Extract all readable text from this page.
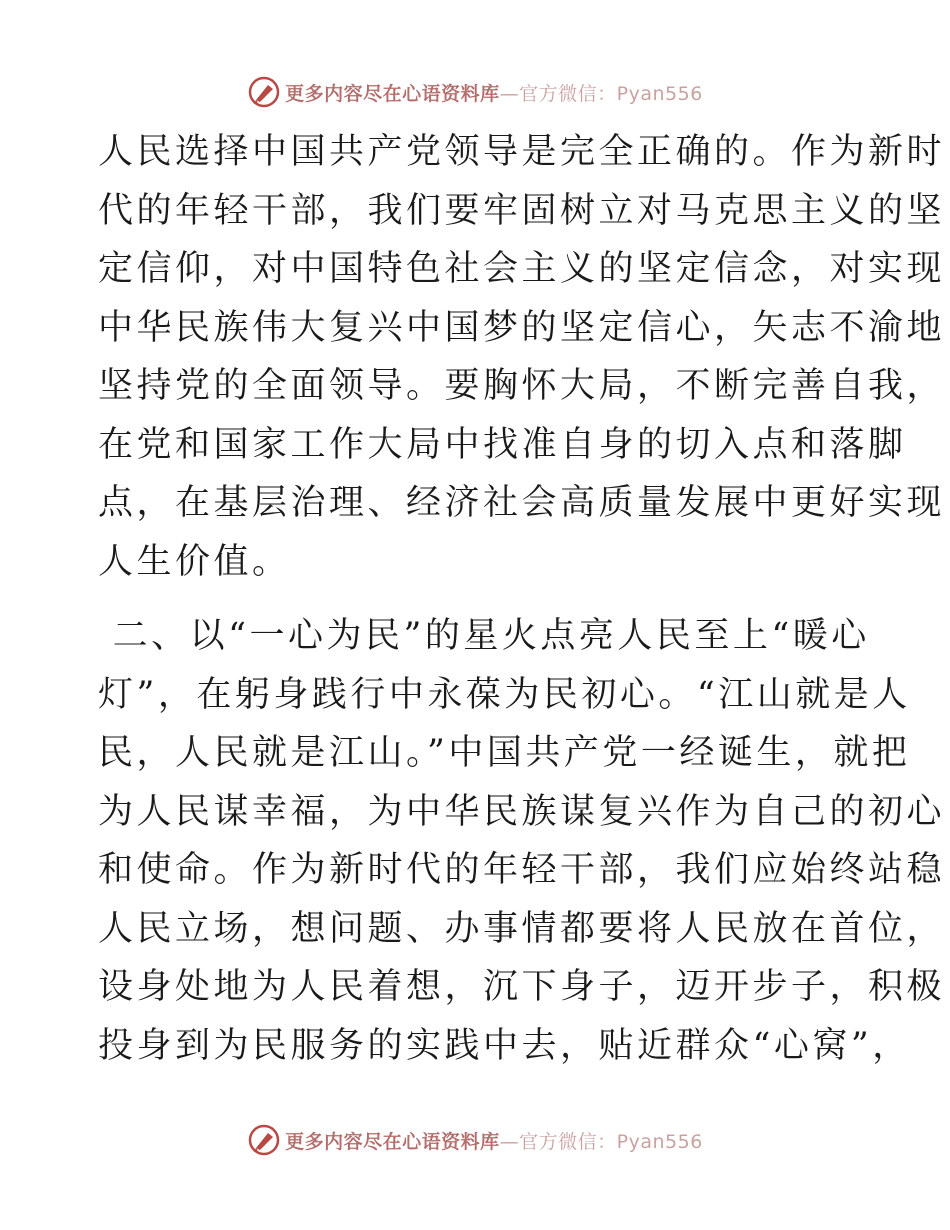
更多内容尽在心语资料库—官方微信：Pyan556
人民选择中国共产党领导是完全正确的。作为新时
代的年轻干部，我们要牢固树立对马克思主义的坚
定信仰，对中国特色社会主义的坚定信念，对实现
中华民族伟大复兴中国梦的坚定信心，矢志不渝地
坚持党的全面领导。要胸怀大局，不断完善自我，
在党和国家工作大局中找准自身的切入点和落脚
点，在基层治理、经济社会高质量发展中更好实现
人生价值。
二、以“一心为民”的星火点亮人民至上“暖心
灯”，在躬身践行中永葆为民初心。“江山就是人
民，人民就是江山。”中国共产党一经诞生，就把
为人民谋幸福，为中华民族谋复兴作为自己的初心
和使命。作为新时代的年轻干部，我们应始终站稳
人民立场，想问题、办事情都要将人民放在首位，
设身处地为人民着想，沉下身子，迈开步子，积极
投身到为民服务的实践中去，贴近群众“心窝”，
更多内容尽在心语资料库—官方微信：Pyan556
